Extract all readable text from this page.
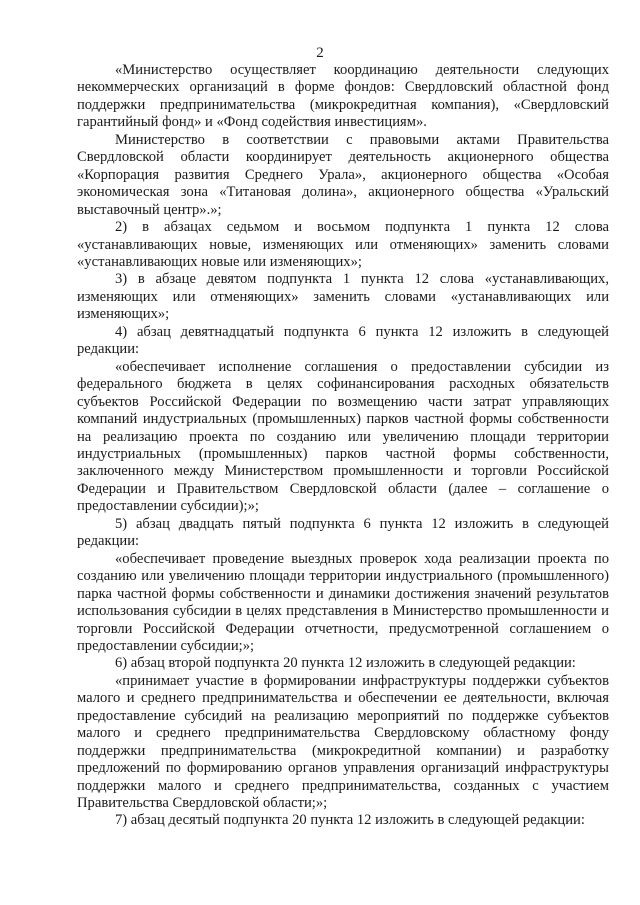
2

«Министерство осуществляет координацию деятельности следующих некоммерческих организаций в форме фондов: Свердловский областной фонд поддержки предпринимательства (микрокредитная компания), «Свердловский гарантийный фонд» и «Фонд содействия инвестициям».

Министерство в соответствии с правовыми актами Правительства Свердловской области координирует деятельность акционерного общества «Корпорация развития Среднего Урала», акционерного общества «Особая экономическая зона «Титановая долина», акционерного общества «Уральский выставочный центр».»;

2) в абзацах седьмом и восьмом подпункта 1 пункта 12 слова «устанавливающих новые, изменяющих или отменяющих» заменить словами «устанавливающих новые или изменяющих»;

3) в абзаце девятом подпункта 1 пункта 12 слова «устанавливающих, изменяющих или отменяющих» заменить словами «устанавливающих или изменяющих»;

4) абзац девятнадцатый подпункта 6 пункта 12 изложить в следующей редакции:

«обеспечивает исполнение соглашения о предоставлении субсидии из федерального бюджета в целях софинансирования расходных обязательств субъектов Российской Федерации по возмещению части затрат управляющих компаний индустриальных (промышленных) парков частной формы собственности на реализацию проекта по созданию или увеличению площади территории индустриальных (промышленных) парков частной формы собственности, заключенного между Министерством промышленности и торговли Российской Федерации и Правительством Свердловской области (далее – соглашение о предоставлении субсидии);»;

5) абзац двадцать пятый подпункта 6 пункта 12 изложить в следующей редакции:

«обеспечивает проведение выездных проверок хода реализации проекта по созданию или увеличению площади территории индустриального (промышленного) парка частной формы собственности и динамики достижения значений результатов использования субсидии в целях представления в Министерство промышленности и торговли Российской Федерации отчетности, предусмотренной соглашением о предоставлении субсидии;»;

6) абзац второй подпункта 20 пункта 12 изложить в следующей редакции:

«принимает участие в формировании инфраструктуры поддержки субъектов малого и среднего предпринимательства и обеспечении ее деятельности, включая предоставление субсидий на реализацию мероприятий по поддержке субъектов малого и среднего предпринимательства Свердловскому областному фонду поддержки предпринимательства (микрокредитной компании) и разработку предложений по формированию органов управления организаций инфраструктуры поддержки малого и среднего предпринимательства, созданных с участием Правительства Свердловской области;»;

7) абзац десятый подпункта 20 пункта 12 изложить в следующей редакции:
